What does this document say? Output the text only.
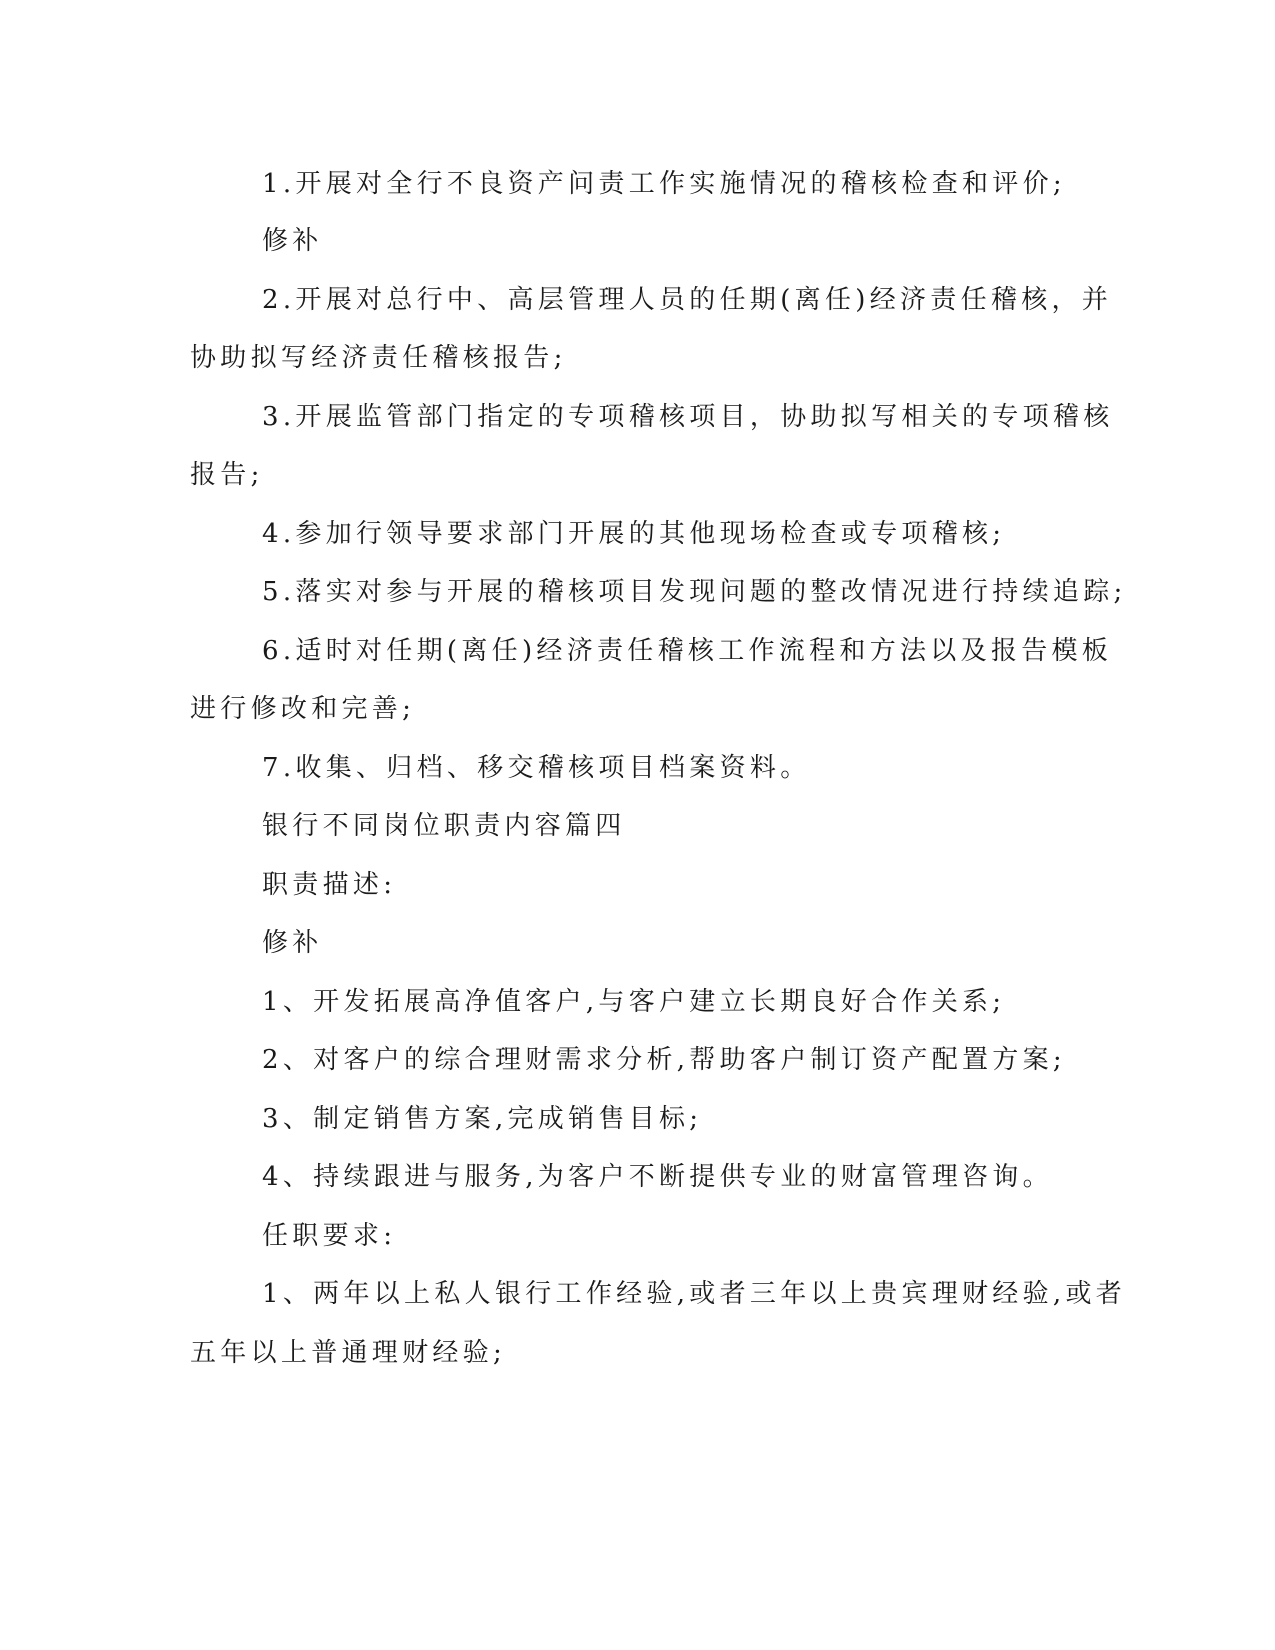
1.开展对全行不良资产问责工作实施情况的稽核检查和评价;

修补

2.开展对总行中、高层管理人员的任期(离任)经济责任稽核，并

协助拟写经济责任稽核报告;

3.开展监管部门指定的专项稽核项目，协助拟写相关的专项稽核

报告;

4.参加行领导要求部门开展的其他现场检查或专项稽核;

5.落实对参与开展的稽核项目发现问题的整改情况进行持续追踪;

6.适时对任期(离任)经济责任稽核工作流程和方法以及报告模板

进行修改和完善;

7.收集、归档、移交稽核项目档案资料。

银行不同岗位职责内容篇四

职责描述:

修补

1、开发拓展高净值客户,与客户建立长期良好合作关系;

2、对客户的综合理财需求分析,帮助客户制订资产配置方案;

3、制定销售方案,完成销售目标;

4、持续跟进与服务,为客户不断提供专业的财富管理咨询。

任职要求:

1、两年以上私人银行工作经验,或者三年以上贵宾理财经验,或者

五年以上普通理财经验;
